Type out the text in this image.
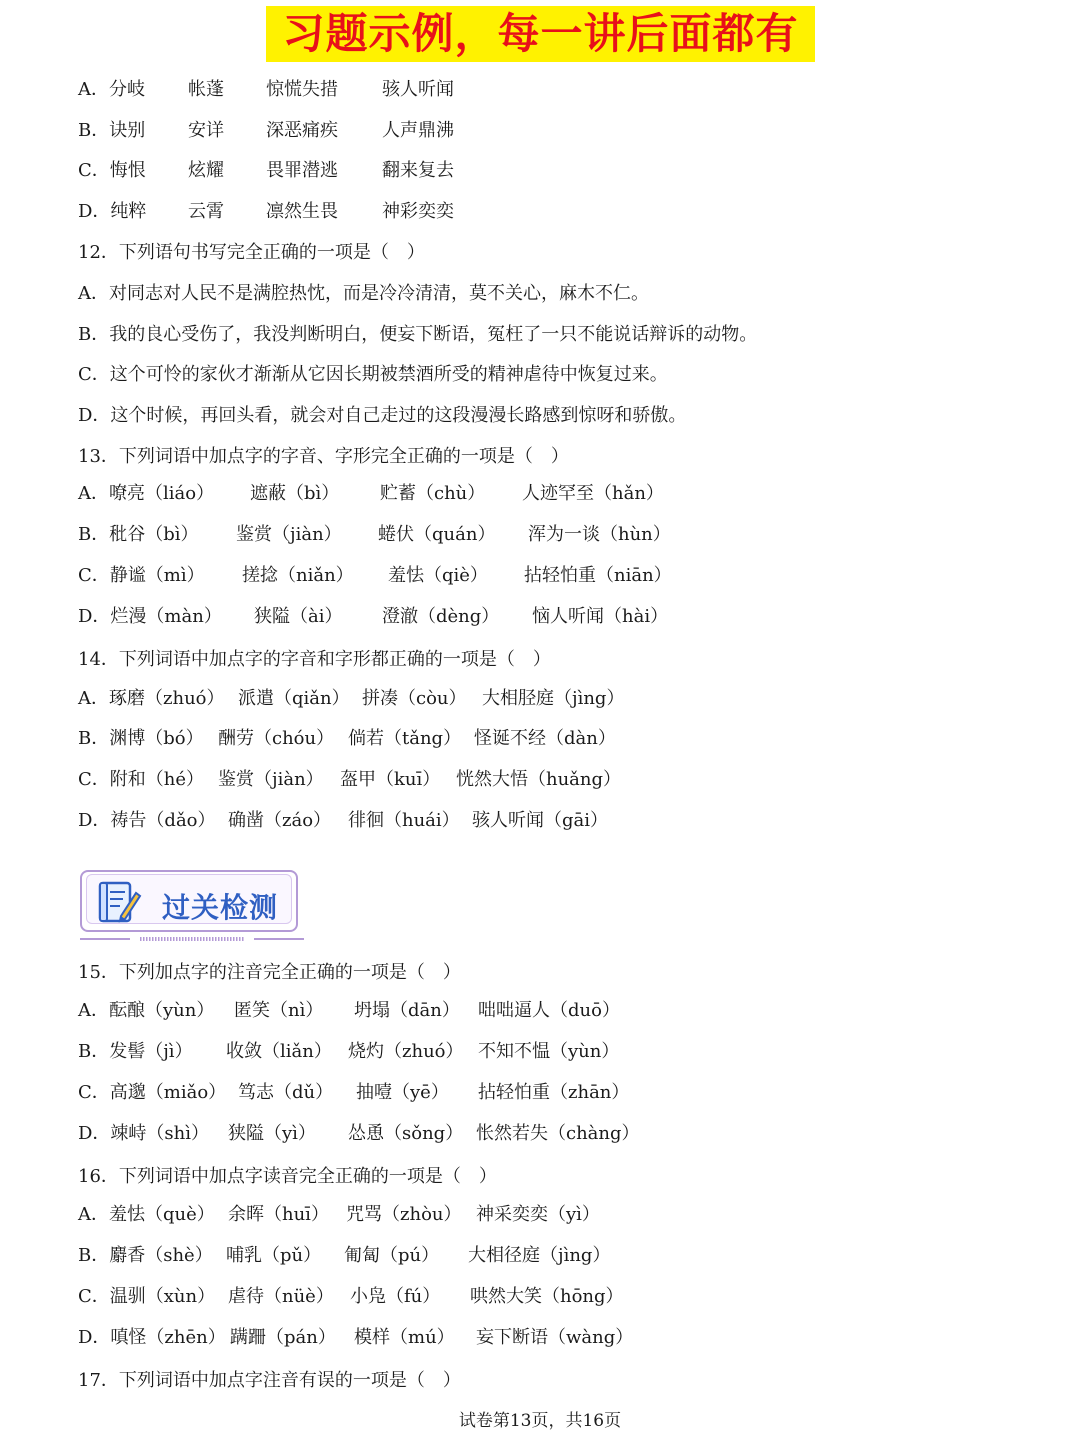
习题示例，每一讲后面都有
A．分岐 帐蓬 惊慌失措 骇人听闻
B．诀别 安详 深恶痛疾 人声鼎沸
C．悔恨 炫耀 畏罪潜逃 翻来复去
D．纯粹 云霄 凛然生畏 神彩奕奕
12．下列语句书写完全正确的一项是（　）
A．对同志对人民不是满腔热忱，而是冷冷清清，莫不关心，麻木不仁。
B．我的良心受伤了，我没判断明白，便妄下断语，冤枉了一只不能说话辩诉的动物。
C．这个可怜的家伙才渐渐从它因长期被禁酒所受的精神虐待中恢复过来。
D．这个时候，再回头看，就会对自己走过的这段漫漫长路感到惊呀和骄傲。
13．下列词语中加点字的字音、字形完全正确的一项是（　）
A．嘹亮（liáo） 遮蔽（bì） 贮蓄（chù） 人迹罕至（hǎn）
B．秕谷（bì） 鉴赏（jiàn） 蜷伏（quán） 浑为一谈（hùn）
C．静谧（mì） 搓捻（niǎn） 羞怯（qiè） 拈轻怕重（niān）
D．烂漫（màn） 狭隘（ài） 澄澈（dèng） 恼人听闻（hài）
14．下列词语中加点字的字音和字形都正确的一项是（　）
A．琢磨（zhuó） 派遣（qiǎn） 拼凑（còu） 大相胫庭（jìng）
B．渊博（bó） 酬劳（chóu） 倘若（tǎng） 怪诞不经（dàn）
C．附和（hé） 鉴赏（jiàn） 盔甲（kuī） 恍然大悟（huǎng）
D．祷告（dǎo） 确凿（záo） 徘徊（huái） 骇人听闻（gāi）
15．下列加点字的注音完全正确的一项是（　）
A．酝酿（yùn） 匿笑（nì） 坍塌（dān） 咄咄逼人（duō）
B．发髻（jì） 收敛（liǎn） 烧灼（zhuó） 不知不愠（yùn）
C．高邈（miǎo） 笃志（dǔ） 抽噎（yē） 拈轻怕重（zhān）
D．竦峙（shì） 狭隘（yì） 怂恿（sǒng） 怅然若失（chàng）
16．下列词语中加点字读音完全正确的一项是（　）
A．羞怯（què） 余晖（huī） 咒骂（zhòu） 神采奕奕（yì）
B．麝香（shè） 哺乳（pǔ） 匍匐（pú） 大相径庭（jìng）
C．温驯（xùn） 虐待（nüè） 小凫（fú） 哄然大笑（hōng）
D．嗔怪（zhēn） 蹒跚（pán） 模样（mú） 妄下断语（wàng）
17．下列词语中加点字注音有误的一项是（　）
过关检测
试卷第13页，共16页
